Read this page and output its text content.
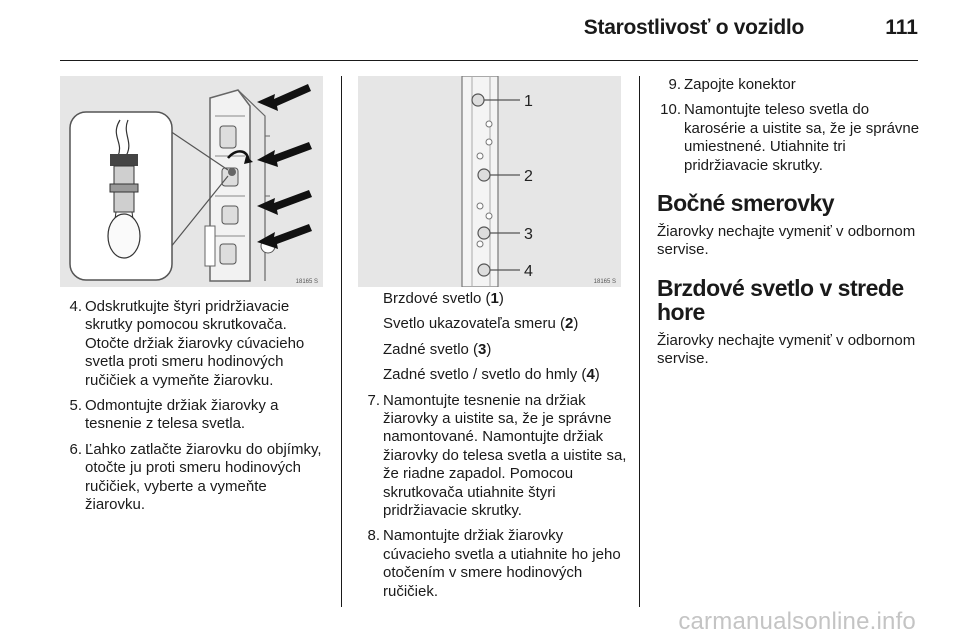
Starostlivosť o vozidlo	111
18165 S
1
2
3
4
18165 S
4. Odskrutkujte štyri pridržiavacie skrutky pomocou skrutkovača. Otočte držiak žiarovky cúvacieho svetla proti smeru hodinových ručičiek a vymeňte žiarovku.
5. Odmontujte držiak žiarovky a tesnenie z telesa svetla.
6. Ľahko zatlačte žiarovku do objímky, otočte ju proti smeru hodinových ručičiek, vyberte a vymeňte žiarovku.

Brzdové svetlo (1)

Svetlo ukazovateľa smeru (2)

Zadné svetlo (3)

Zadné svetlo / svetlo do hmly (4)

7. Namontujte tesnenie na držiak žiarovky a uistite sa, že je správne namontované. Namontujte držiak žiarovky do telesa svetla a uistite sa, že riadne zapadol. Pomocou skrutkovača utiahnite štyri pridržiavacie skrutky.
8. Namontujte držiak žiarovky cúvacieho svetla a utiahnite ho jeho otočením v smere hodinových ručičiek.
9. Zapojte konektor
10. Namontujte teleso svetla do karosérie a uistite sa, že je správne umiestnené. Utiahnite tri pridržiavacie skrutky.
Bočné smerovky

Žiarovky nechajte vymeniť v odbornom servise.

Brzdové svetlo v strede hore

Žiarovky nechajte vymeniť v odbornom servise.

carmanualsonline.info
